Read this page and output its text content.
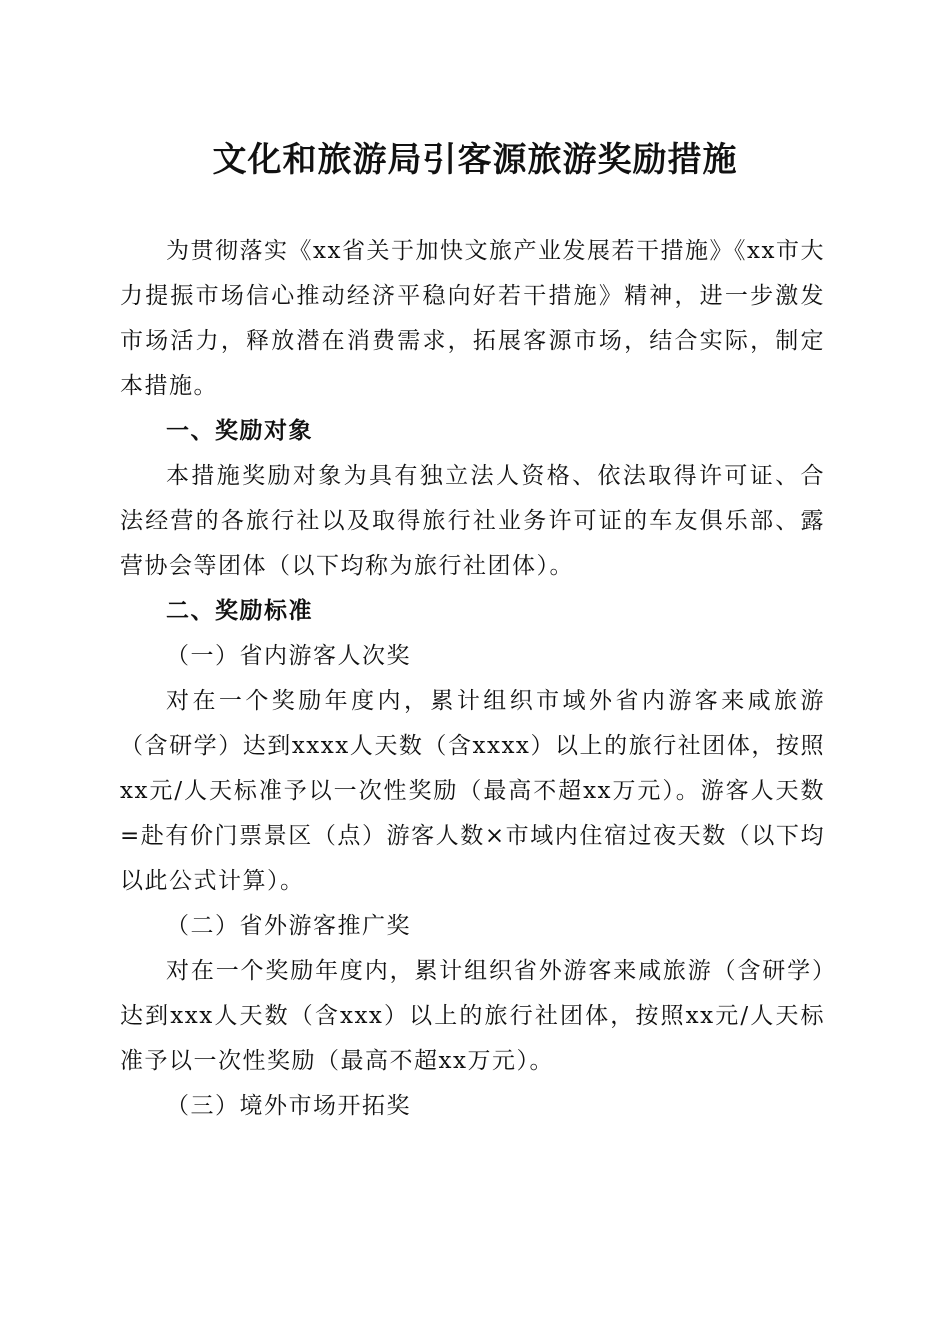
文化和旅游局引客源旅游奖励措施

为贯彻落实《xx省关于加快文旅产业发展若干措施》《xx市大力提振市场信心推动经济平稳向好若干措施》精神，进一步激发市场活力，释放潜在消费需求，拓展客源市场，结合实际，制定本措施。

一、奖励对象

本措施奖励对象为具有独立法人资格、依法取得许可证、合法经营的各旅行社以及取得旅行社业务许可证的车友俱乐部、露营协会等团体（以下均称为旅行社团体）。

二、奖励标准

（一）省内游客人次奖

对在一个奖励年度内，累计组织市域外省内游客来咸旅游（含研学）达到xxxx人天数（含xxxx）以上的旅行社团体，按照xx元/人天标准予以一次性奖励（最高不超xx万元）。游客人天数=赴有价门票景区（点）游客人数×市域内住宿过夜天数（以下均以此公式计算）。

（二）省外游客推广奖

对在一个奖励年度内，累计组织省外游客来咸旅游（含研学）达到xxx人天数（含xxx）以上的旅行社团体，按照xx元/人天标准予以一次性奖励（最高不超xx万元）。

（三）境外市场开拓奖
